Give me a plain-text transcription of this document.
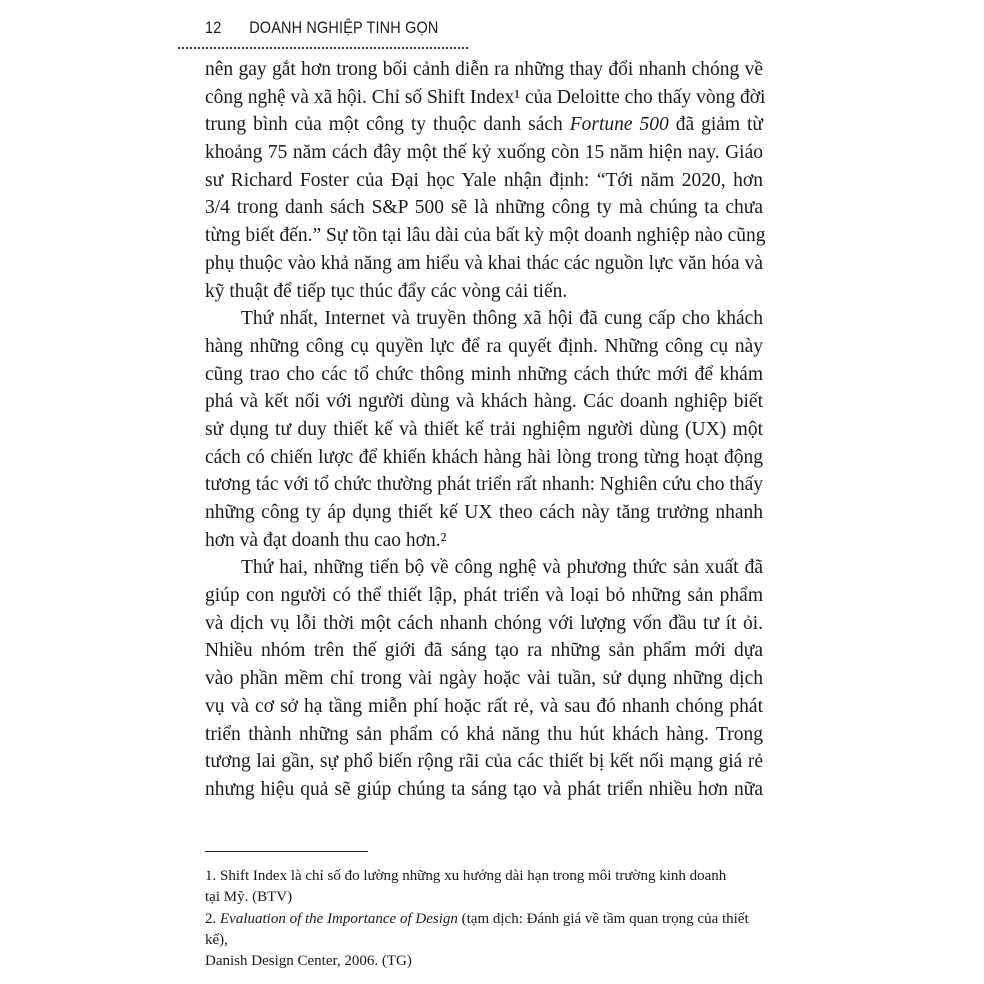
12 DOANH NGHIỆP TINH GỌN
nên gay gắt hơn trong bối cảnh diễn ra những thay đổi nhanh chóng về
công nghệ và xã hội. Chỉ số Shift Index¹ của Deloitte cho thấy vòng đời
trung bình của một công ty thuộc danh sách Fortune 500 đã giảm từ
khoảng 75 năm cách đây một thế kỷ xuống còn 15 năm hiện nay. Giáo
sư Richard Foster của Đại học Yale nhận định: “Tới năm 2020, hơn
3/4 trong danh sách S&P 500 sẽ là những công ty mà chúng ta chưa
từng biết đến.” Sự tồn tại lâu dài của bất kỳ một doanh nghiệp nào cũng
phụ thuộc vào khả năng am hiểu và khai thác các nguồn lực văn hóa và
kỹ thuật để tiếp tục thúc đẩy các vòng cải tiến.
Thứ nhất, Internet và truyền thông xã hội đã cung cấp cho khách
hàng những công cụ quyền lực để ra quyết định. Những công cụ này
cũng trao cho các tổ chức thông minh những cách thức mới để khám
phá và kết nối với người dùng và khách hàng. Các doanh nghiệp biết
sử dụng tư duy thiết kế và thiết kế trải nghiệm người dùng (UX) một
cách có chiến lược để khiến khách hàng hài lòng trong từng hoạt động
tương tác với tổ chức thường phát triển rất nhanh: Nghiên cứu cho thấy
những công ty áp dụng thiết kế UX theo cách này tăng trưởng nhanh
hơn và đạt doanh thu cao hơn.²
Thứ hai, những tiến bộ về công nghệ và phương thức sản xuất đã
giúp con người có thể thiết lập, phát triển và loại bỏ những sản phẩm
và dịch vụ lỗi thời một cách nhanh chóng với lượng vốn đầu tư ít ỏi.
Nhiều nhóm trên thế giới đã sáng tạo ra những sản phẩm mới dựa
vào phần mềm chỉ trong vài ngày hoặc vài tuần, sử dụng những dịch
vụ và cơ sở hạ tầng miễn phí hoặc rất rẻ, và sau đó nhanh chóng phát
triển thành những sản phẩm có khả năng thu hút khách hàng. Trong
tương lai gần, sự phổ biến rộng rãi của các thiết bị kết nối mạng giá rẻ
nhưng hiệu quả sẽ giúp chúng ta sáng tạo và phát triển nhiều hơn nữa
1. Shift Index là chỉ số đo lường những xu hướng dài hạn trong môi trường kinh doanh
tại Mỹ. (BTV)
2. Evaluation of the Importance of Design (tạm dịch: Đánh giá về tầm quan trọng của thiết kế),
Danish Design Center, 2006. (TG)
